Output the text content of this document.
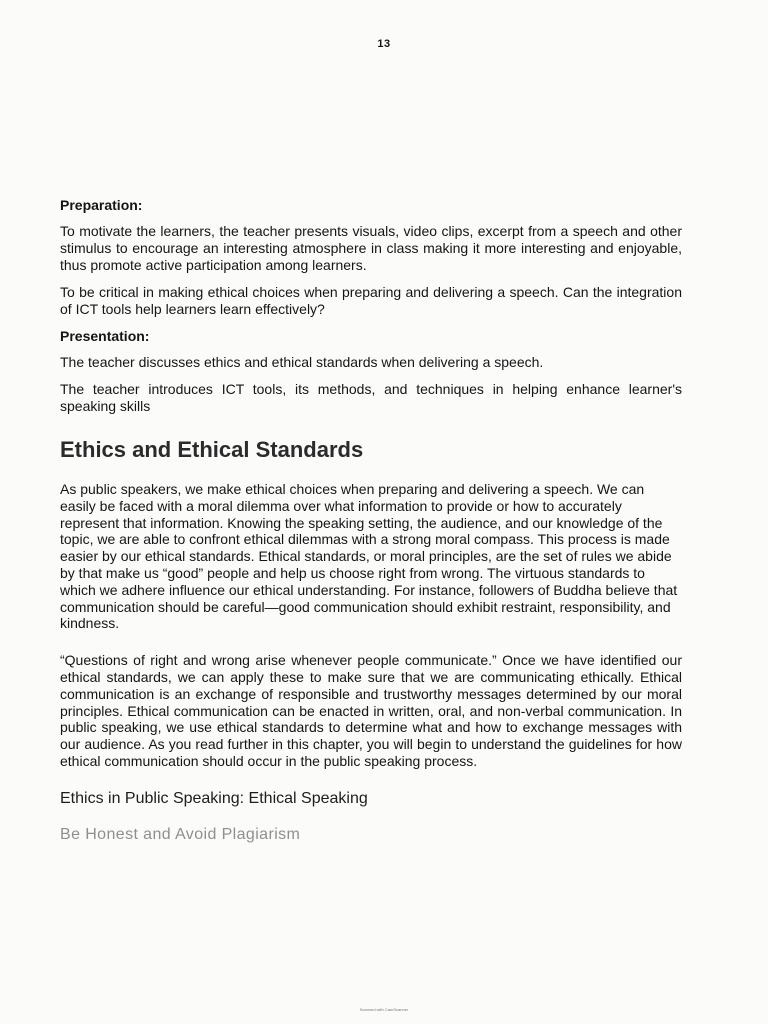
13
Preparation:

To motivate the learners, the teacher presents visuals, video clips, excerpt from a speech and other stimulus to encourage an interesting atmosphere in class making it more interesting and enjoyable, thus promote active participation among learners.

To be critical in making ethical choices when preparing and delivering a speech. Can the integration of ICT tools help learners learn effectively?

Presentation:

The teacher discusses ethics and ethical standards when delivering a speech.

The teacher introduces ICT tools, its methods, and techniques in helping enhance learner's speaking skills

Ethics and Ethical Standards

As public speakers, we make ethical choices when preparing and delivering a speech. We can easily be faced with a moral dilemma over what information to provide or how to accurately represent that information. Knowing the speaking setting, the audience, and our knowledge of the topic, we are able to confront ethical dilemmas with a strong moral compass. This process is made easier by our ethical standards. Ethical standards, or moral principles, are the set of rules we abide by that make us “good” people and help us choose right from wrong. The virtuous standards to which we adhere influence our ethical understanding. For instance, followers of Buddha believe that communication should be careful—good communication should exhibit restraint, responsibility, and kindness.

“Questions of right and wrong arise whenever people communicate.” Once we have identified our ethical standards, we can apply these to make sure that we are communicating ethically. Ethical communication is an exchange of responsible and trustworthy messages determined by our moral principles. Ethical communication can be enacted in written, oral, and non-verbal communication. In public speaking, we use ethical standards to determine what and how to exchange messages with our audience. As you read further in this chapter, you will begin to understand the guidelines for how ethical communication should occur in the public speaking process.

Ethics in Public Speaking: Ethical Speaking
Be Honest and Avoid Plagiarism
Scanned with CamScanner
